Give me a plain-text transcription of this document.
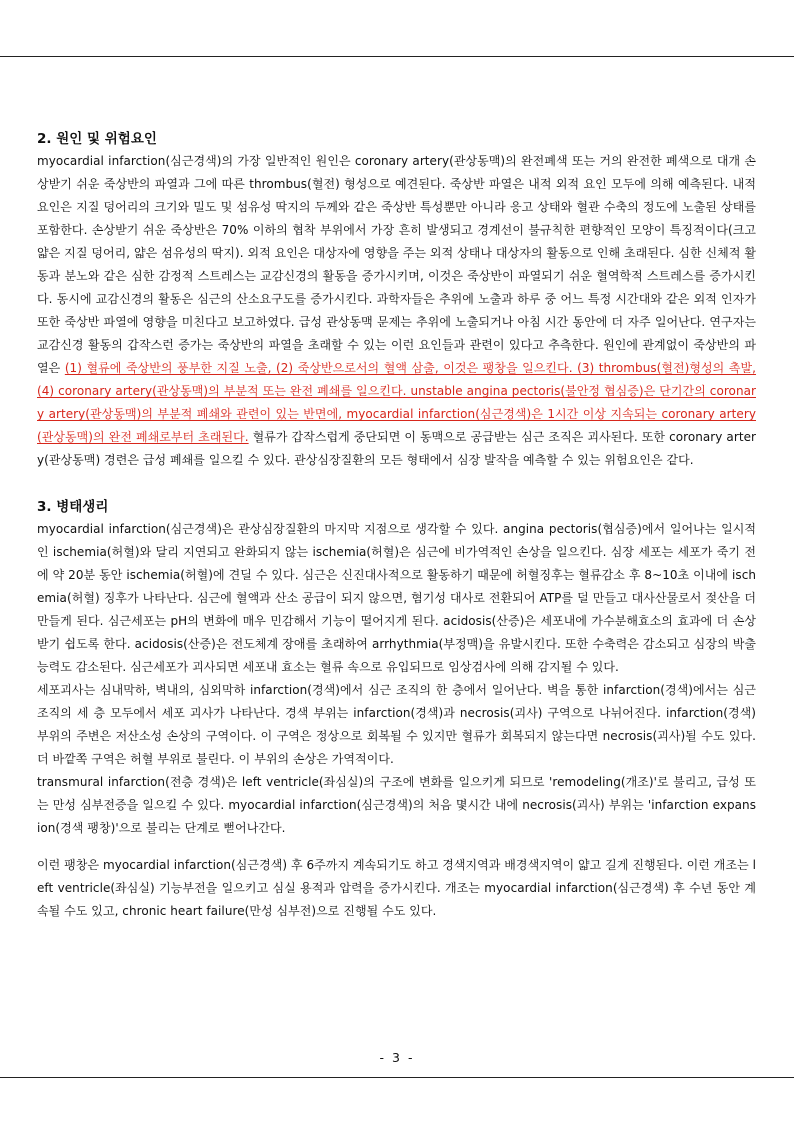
2. 원인 및 위험요인

myocardial infarction(심근경색)의 가장 일반적인 원인은 coronary artery(관상동맥)의 완전폐색 또는 거의 완전한 폐색으로 대개 손상받기 쉬운 죽상반의 파열과 그에 따른 thrombus(혈전) 형성으로 예견된다. 죽상반 파열은 내적 외적 요인 모두에 의해 예측된다. 내적 요인은 지질 덩어리의 크기와 밀도 및 섬유성 딱지의 두께와 같은 죽상반 특성뿐만 아니라 응고 상태와 혈관 수축의 정도에 노출된 상태를 포함한다. 손상받기 쉬운 죽상반은 70% 이하의 협착 부위에서 가장 흔히 발생되고 경계선이 불규칙한 편향적인 모양이 특징적이다(크고 얇은 지질 덩어리, 얇은 섬유성의 딱지). 외적 요인은 대상자에 영향을 주는 외적 상태나 대상자의 활동으로 인해 초래된다. 심한 신체적 활동과 분노와 같은 심한 감정적 스트레스는 교감신경의 활동을 증가시키며, 이것은 죽상반이 파열되기 쉬운 혈역학적 스트레스를 증가시킨다. 동시에 교감신경의 활동은 심근의 산소요구도를 증가시킨다. 과학자들은 추위에 노출과 하루 중 어느 특정 시간대와 같은 외적 인자가 또한 죽상반 파열에 영향을 미친다고 보고하였다. 급성 관상동맥 문제는 추위에 노출되거나 아침 시간 동안에 더 자주 일어난다. 연구자는 교감신경 활동의 갑작스런 증가는 죽상반의 파열을 초래할 수 있는 이런 요인들과 관련이 있다고 추측한다. 원인에 관계없이 죽상반의 파열은 (1) 혈류에 죽상반의 풍부한 지질 노출, (2) 죽상반으로서의 혈액 삼출, 이것은 팽창을 일으킨다. (3) thrombus(혈전)형성의 촉발, (4) coronary artery(관상동맥)의 부분적 또는 완전 폐쇄를 일으킨다. unstable angina pectoris(불안정 협심증)은 단기간의 coronary artery(관상동맥)의 부분적 폐쇄와 관련이 있는 반면에, myocardial infarction(심근경색)은 1시간 이상 지속되는 coronary artery(관상동맥)의 완전 폐쇄로부터 초래된다. 혈류가 갑작스럽게 중단되면 이 동맥으로 공급받는 심근 조직은 괴사된다. 또한 coronary artery(관상동맥) 경련은 급성 폐쇄를 일으킬 수 있다. 관상심장질환의 모든 형태에서 심장 발작을 예측할 수 있는 위험요인은 같다.

3. 병태생리

myocardial infarction(심근경색)은 관상심장질환의 마지막 지점으로 생각할 수 있다. angina pectoris(협심증)에서 일어나는 일시적인 ischemia(허혈)와 달리 지연되고 완화되지 않는 ischemia(허혈)은 심근에 비가역적인 손상을 일으킨다. 심장 세포는 세포가 죽기 전에 약 20분 동안 ischemia(허혈)에 견딜 수 있다. 심근은 신진대사적으로 활동하기 때문에 허혈징후는 혈류감소 후 8~10초 이내에 ischemia(허혈) 징후가 나타난다. 심근에 혈액과 산소 공급이 되지 않으면, 혐기성 대사로 전환되어 ATP를 덜 만들고 대사산물로서 젖산을 더 만들게 된다. 심근세포는 pH의 변화에 매우 민감해서 기능이 떨어지게 된다. acidosis(산증)은 세포내에 가수분해효소의 효과에 더 손상받기 쉽도록 한다. acidosis(산증)은 전도체계 장애를 초래하여 arrhythmia(부정맥)을 유발시킨다. 또한 수축력은 감소되고 심장의 박출능력도 감소된다. 심근세포가 괴사되면 세포내 효소는 혈류 속으로 유입되므로 임상검사에 의해 감지될 수 있다.

세포괴사는 심내막하, 벽내의, 심외막하 infarction(경색)에서 심근 조직의 한 층에서 일어난다. 벽을 통한 infarction(경색)에서는 심근조직의 세 층 모두에서 세포 괴사가 나타난다. 경색 부위는 infarction(경색)과 necrosis(괴사) 구역으로 나뉘어진다. infarction(경색) 부위의 주변은 저산소성 손상의 구역이다. 이 구역은 정상으로 회복될 수 있지만 혈류가 회복되지 않는다면 necrosis(괴사)될 수도 있다. 더 바깥쪽 구역은 허혈 부위로 불린다. 이 부위의 손상은 가역적이다.

transmural infarction(전층 경색)은 left ventricle(좌심실)의 구조에 변화를 일으키게 되므로 'remodeling(개조)'로 불리고, 급성 또는 만성 심부전증을 일으킬 수 있다. myocardial infarction(심근경색)의 처음 몇시간 내에 necrosis(괴사) 부위는 'infarction expansion(경색 팽창)'으로 불리는 단계로 뻗어나간다.

이런 팽창은 myocardial infarction(심근경색) 후 6주까지 계속되기도 하고 경색지역과 배경색지역이 얇고 길게 진행된다. 이런 개조는 left ventricle(좌심실) 기능부전을 일으키고 심실 용적과 압력을 증가시킨다. 개조는 myocardial infarction(심근경색) 후 수년 동안 계속될 수도 있고, chronic heart failure(만성 심부전)으로 진행될 수도 있다.

- 3 -
